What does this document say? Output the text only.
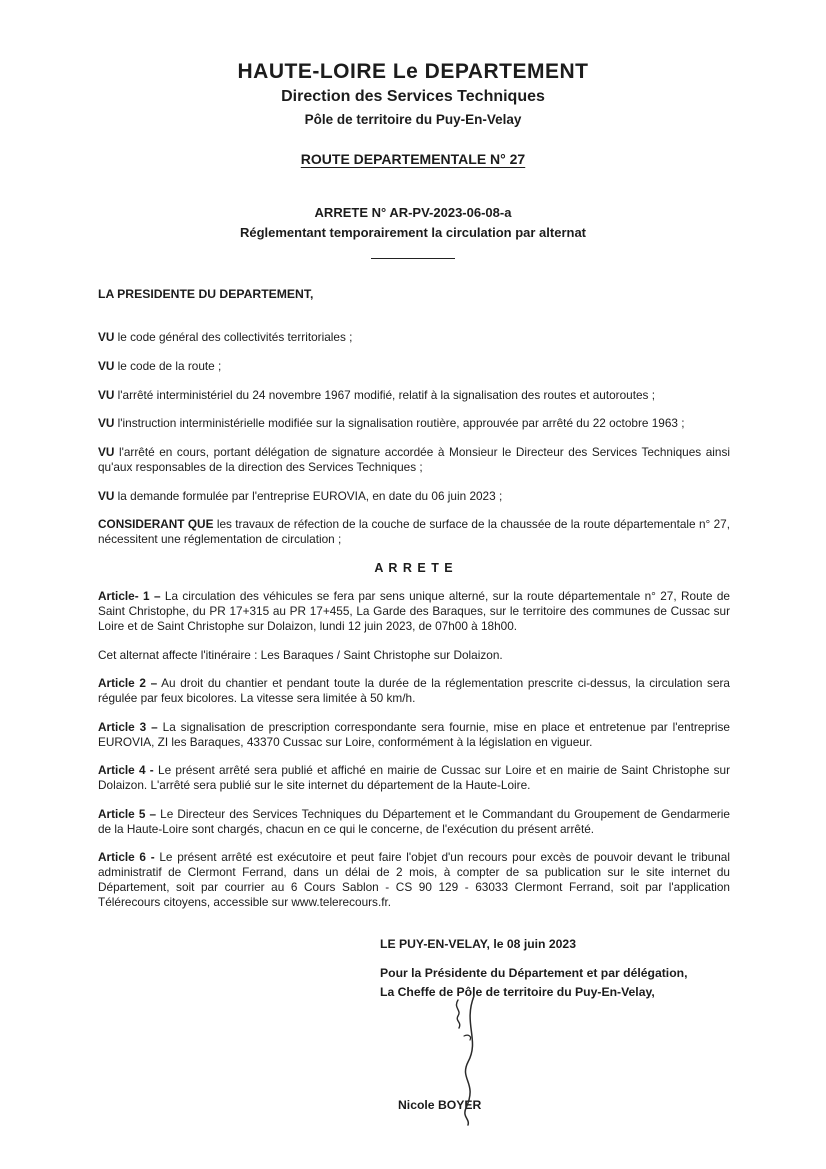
HAUTE-LOIRE Le DEPARTEMENT
Direction des Services Techniques
Pôle de territoire du Puy-En-Velay
ROUTE DEPARTEMENTALE N° 27
ARRETE N° AR-PV-2023-06-08-a
Réglementant temporairement la circulation par alternat

LA PRESIDENTE DU DEPARTEMENT,

VU le code général des collectivités territoriales ;

VU le code de la route ;

VU l'arrêté interministériel du 24 novembre 1967 modifié, relatif à la signalisation des routes et autoroutes ;

VU l'instruction interministérielle modifiée sur la signalisation routière, approuvée par arrêté du 22 octobre 1963 ;

VU l'arrêté en cours, portant délégation de signature accordée à Monsieur le Directeur des Services Techniques ainsi qu'aux responsables de la direction des Services Techniques ;

VU la demande formulée par l'entreprise EUROVIA, en date du 06 juin 2023 ;

CONSIDERANT QUE les travaux de réfection de la couche de surface de la chaussée de la route départementale n° 27, nécessitent une réglementation de circulation ;

A R R E T E

Article- 1 – La circulation des véhicules se fera par sens unique alterné, sur la route départementale n° 27, Route de Saint Christophe, du PR 17+315 au PR 17+455, La Garde des Baraques, sur le territoire des communes de Cussac sur Loire et de Saint Christophe sur Dolaizon, lundi 12 juin 2023, de 07h00 à 18h00.

Cet alternat affecte l'itinéraire : Les Baraques / Saint Christophe sur Dolaizon.

Article 2 – Au droit du chantier et pendant toute la durée de la réglementation prescrite ci-dessus, la circulation sera régulée par feux bicolores. La vitesse sera limitée à 50 km/h.

Article 3 – La signalisation de prescription correspondante sera fournie, mise en place et entretenue par l'entreprise EUROVIA, ZI les Baraques, 43370 Cussac sur Loire, conformément à la législation en vigueur.

Article 4 - Le présent arrêté sera publié et affiché en mairie de Cussac sur Loire et en mairie de Saint Christophe sur Dolaizon. L'arrêté sera publié sur le site internet du département de la Haute-Loire.

Article 5 – Le Directeur des Services Techniques du Département et le Commandant du Groupement de Gendarmerie de la Haute-Loire sont chargés, chacun en ce qui le concerne, de l'exécution du présent arrêté.

Article 6 - Le présent arrêté est exécutoire et peut faire l'objet d'un recours pour excès de pouvoir devant le tribunal administratif de Clermont Ferrand, dans un délai de 2 mois, à compter de sa publication sur le site internet du Département, soit par courrier au 6 Cours Sablon - CS 90 129 - 63033 Clermont Ferrand, soit par l'application Télérecours citoyens, accessible sur www.telerecours.fr.

LE PUY-EN-VELAY, le 08 juin 2023

Pour la Présidente du Département et par délégation,

La Cheffe de Pôle de territoire du Puy-En-Velay,

Nicole BOYER
